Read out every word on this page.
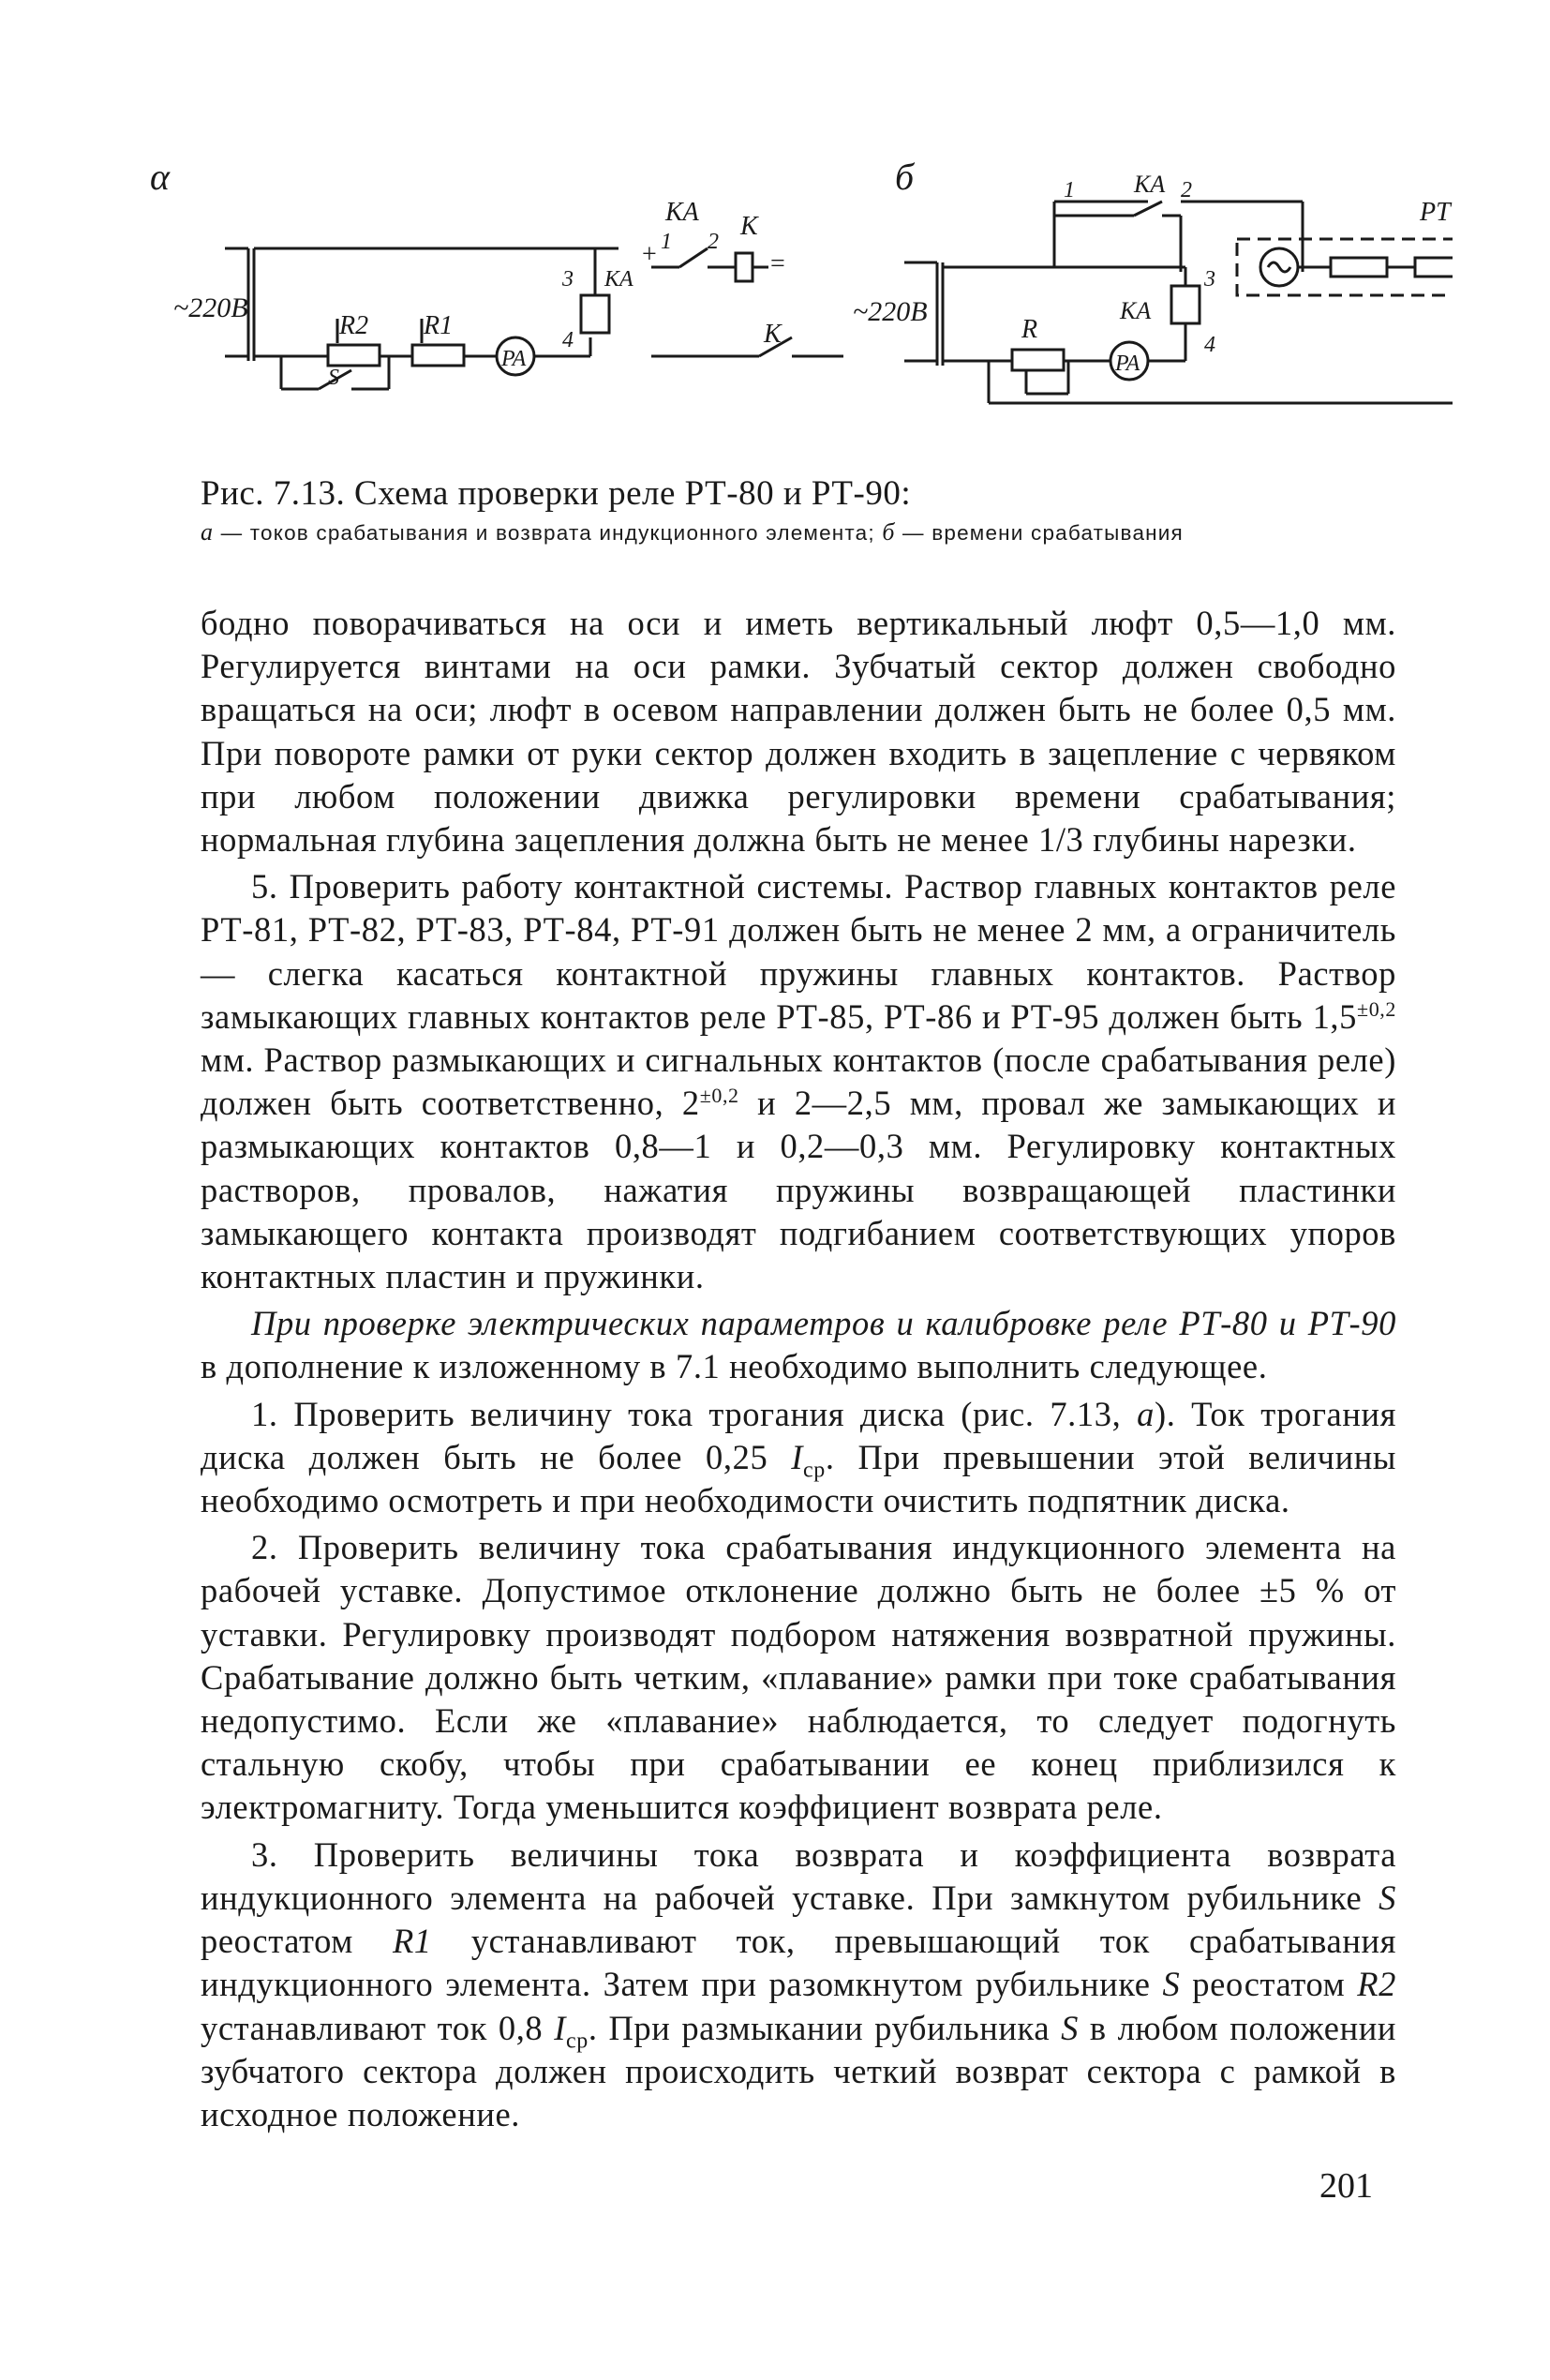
α
~220В
R2
S
R1
PA
3 KA
4
KA K
+ 1 2
=
K
б
~220В
1 KA 2
PT
3
KA
4
R
PA
Рис. 7.13. Схема проверки реле РТ-80 и РТ-90:
а — токов срабатывания и возврата индукционного элемента; б — времени срабатывания

бодно поворачиваться на оси и иметь вертикальный люфт 0,5—1,0 мм. Регулируется винтами на оси рамки. Зубчатый сектор должен свободно вращаться на оси; люфт в осевом направлении должен быть не более 0,5 мм. При повороте рамки от руки сектор должен входить в зацепление с червяком при любом положении движка регулировки времени срабатывания; нормальная глубина зацепления должна быть не менее 1/3 глубины нарезки.

5. Проверить работу контактной системы. Раствор главных контактов реле РТ-81, РТ-82, РТ-83, РТ-84, РТ-91 должен быть не менее 2 мм, а ограничитель — слегка касаться контактной пружины главных контактов. Раствор замыкающих главных контактов реле РТ-85, РТ-86 и РТ-95 должен быть $1,5^{\pm 0,2}$ мм. Раствор размыкающих и сигнальных контактов (после срабатывания реле) должен быть соответственно, $2^{\pm 0,2}$ и 2—2,5 мм, провал же замыкающих и размыкающих контактов 0,8—1 и 0,2—0,3 мм. Регулировку контактных растворов, провалов, нажатия пружины возвращающей пластинки замыкающего контакта производят подгибанием соответствующих упоров контактных пластин и пружинки.

При проверке электрических параметров и калибровке реле РТ-80 и РТ-90 в дополнение к изложенному в 7.1 необходимо выполнить следующее.

1. Проверить величину тока трогания диска (рис. 7.13, а). Ток трогания диска должен быть не более 0,25 $I_{ср}$. При превышении этой величины необходимо осмотреть и при необходимости очистить подпятник диска.

2. Проверить величину тока срабатывания индукционного элемента на рабочей уставке. Допустимое отклонение должно быть не более ±5 % от уставки. Регулировку производят подбором натяжения возвратной пружины. Срабатывание должно быть четким, «плавание» рамки при токе срабатывания недопустимо. Если же «плавание» наблюдается, то следует подогнуть стальную скобу, чтобы при срабатывании ее конец приблизился к электромагниту. Тогда уменьшится коэффициент возврата реле.

3. Проверить величины тока возврата и коэффициента возврата индукционного элемента на рабочей уставке. При замкнутом рубильнике S реостатом R1 устанавливают ток, превышающий ток срабатывания индукционного элемента. Затем при разомкнутом рубильнике S реостатом R2 устанавливают ток 0,8 $I_{ср}$. При размыкании рубильника S в любом положении зубчатого сектора должен происходить четкий возврат сектора с рамкой в исходное положение.

201
